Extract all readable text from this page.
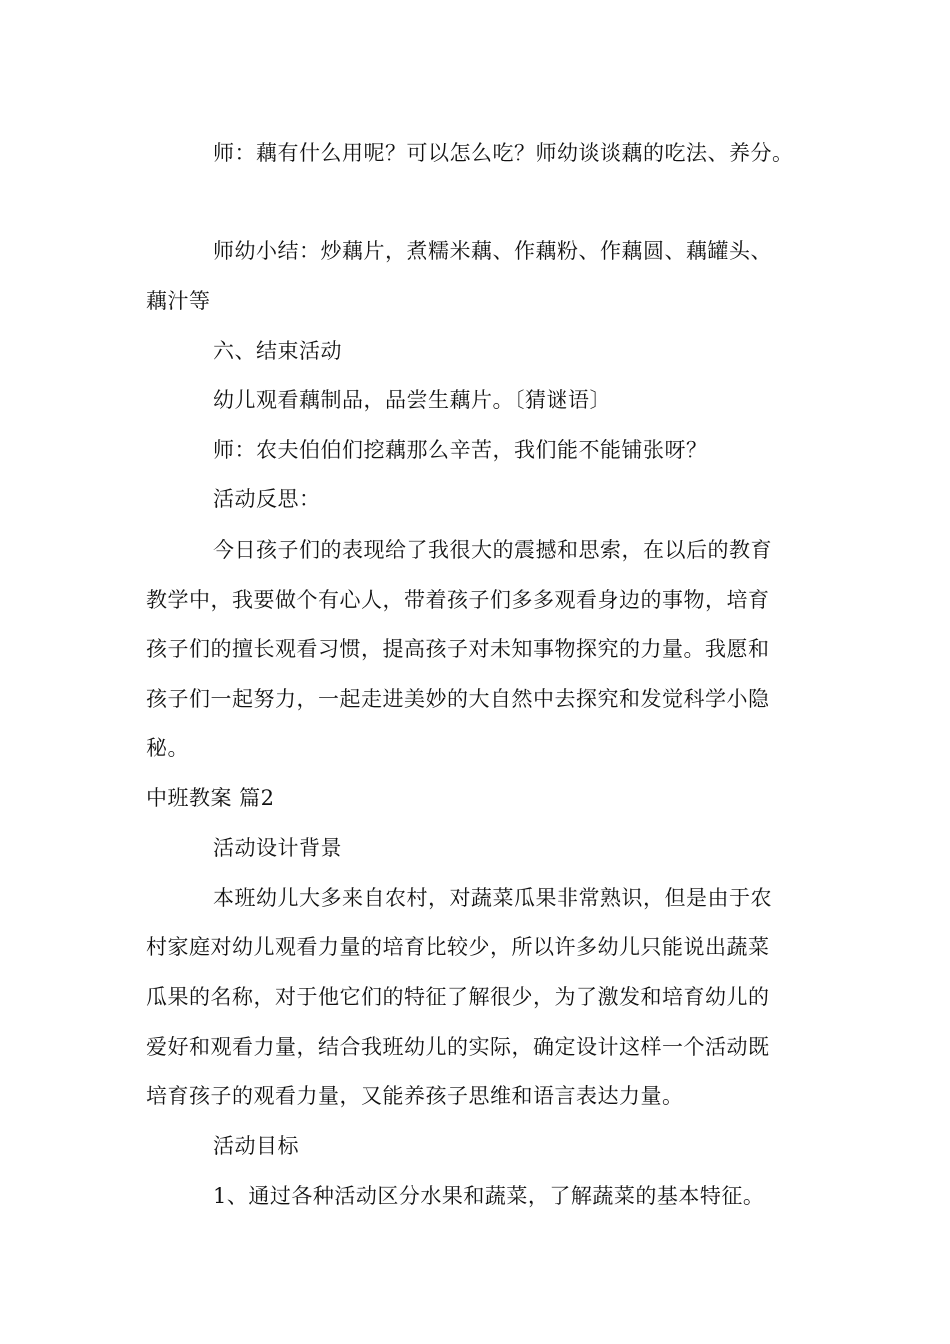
师：藕有什么用呢？可以怎么吃？师幼谈谈藕的吃法、养分。
师幼小结：炒藕片，煮糯米藕、作藕粉、作藕圆、藕罐头、
藕汁等
六、结束活动
幼儿观看藕制品，品尝生藕片。〔猜谜语〕
师：农夫伯伯们挖藕那么辛苦，我们能不能铺张呀？
活动反思：
今日孩子们的表现给了我很大的震撼和思索，在以后的教育
教学中，我要做个有心人，带着孩子们多多观看身边的事物，培育
孩子们的擅长观看习惯，提高孩子对未知事物探究的力量。我愿和
孩子们一起努力，一起走进美妙的大自然中去探究和发觉科学小隐
秘。
中班教案 篇2
活动设计背景
本班幼儿大多来自农村，对蔬菜瓜果非常熟识，但是由于农
村家庭对幼儿观看力量的培育比较少，所以许多幼儿只能说出蔬菜
瓜果的名称，对于他它们的特征了解很少，为了激发和培育幼儿的
爱好和观看力量，结合我班幼儿的实际，确定设计这样一个活动既
培育孩子的观看力量，又能养孩子思维和语言表达力量。
活动目标
1、通过各种活动区分水果和蔬菜，了解蔬菜的基本特征。
